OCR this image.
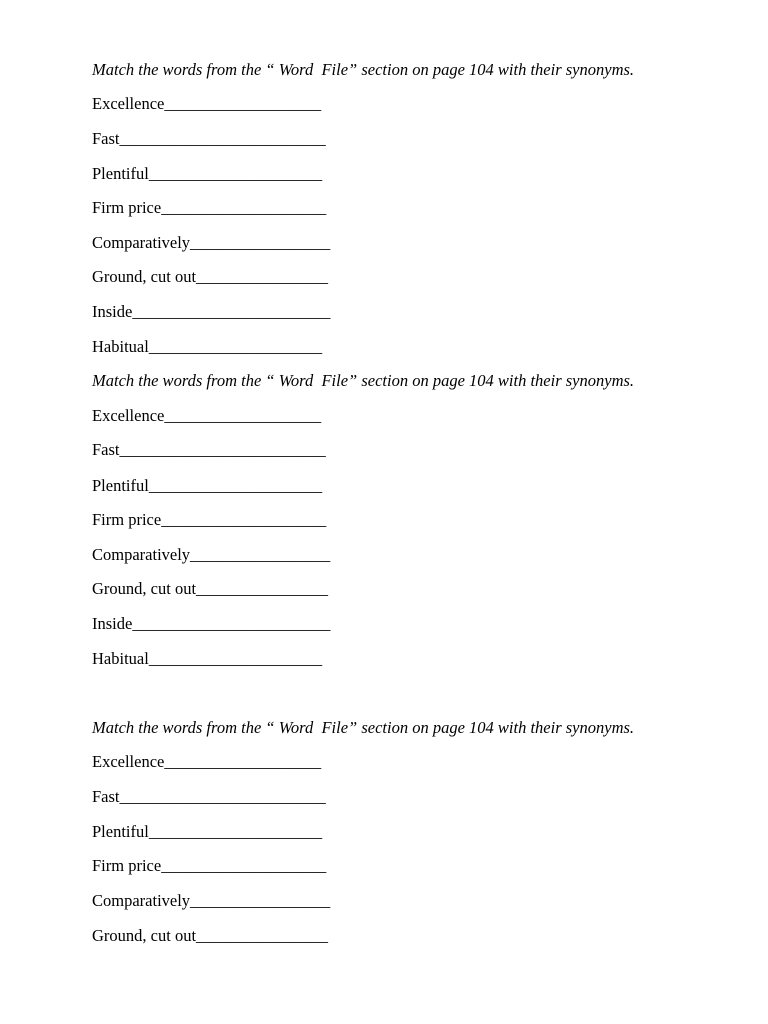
Match the words from the “ Word  File” section on page 104 with their synonyms.
Excellence___________________
Fast_________________________
Plentiful_____________________
Firm price____________________
Comparatively_________________
Ground, cut out________________
Inside________________________
Habitual_____________________
Match the words from the “ Word  File” section on page 104 with their synonyms.
Excellence___________________
Fast_________________________
Plentiful_____________________
Firm price____________________
Comparatively_________________
Ground, cut out________________
Inside________________________
Habitual_____________________
Match the words from the “ Word  File” section on page 104 with their synonyms.
Excellence___________________
Fast_________________________
Plentiful_____________________
Firm price____________________
Comparatively_________________
Ground, cut out________________
